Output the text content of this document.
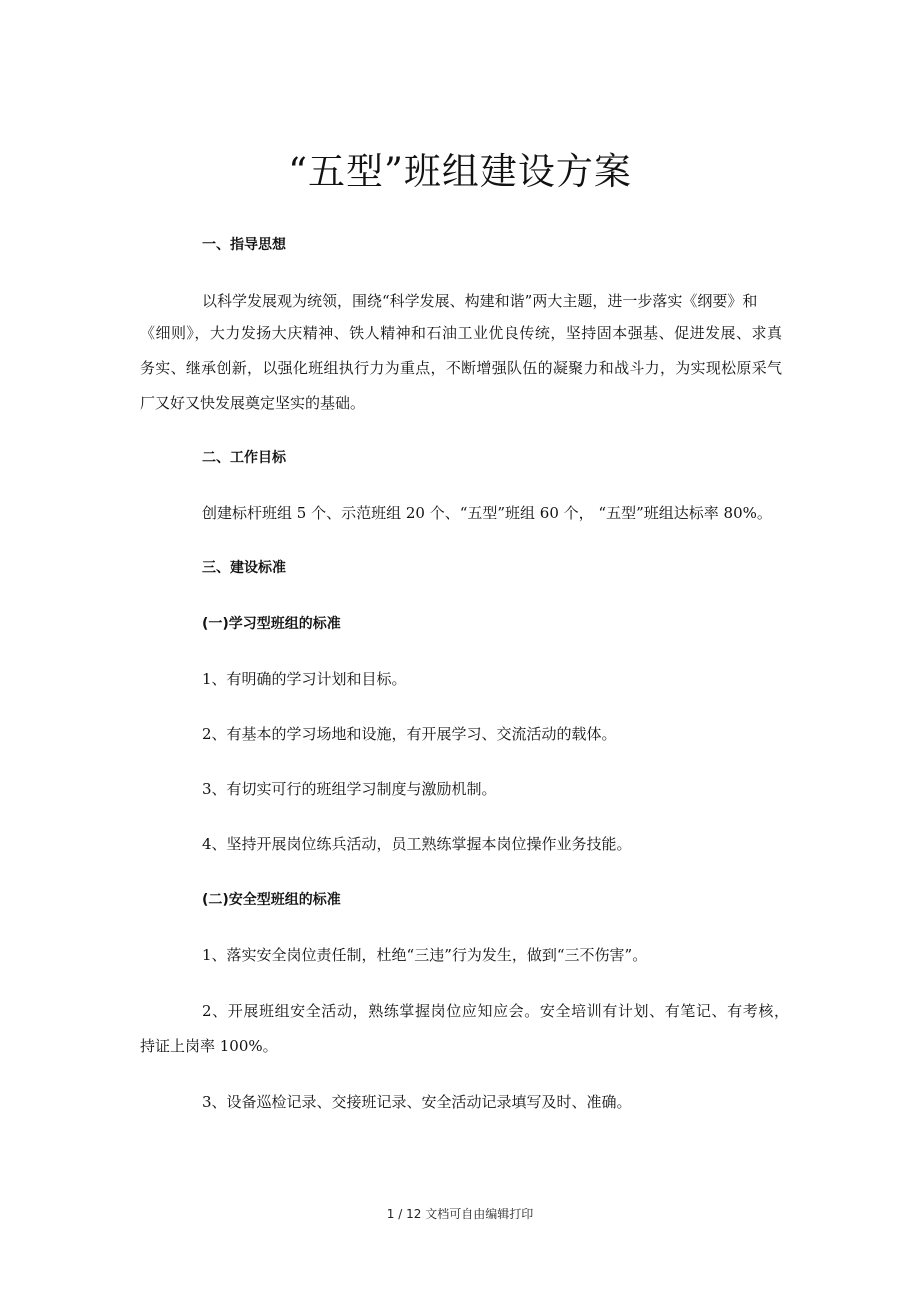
“五型”班组建设方案
一、指导思想
以科学发展观为统领，围绕“科学发展、构建和谐”两大主题，进一步落实《纲要》和
《细则》，大力发扬大庆精神、铁人精神和石油工业优良传统，坚持固本强基、促进发展、求真
务实、继承创新，以强化班组执行力为重点，不断增强队伍的凝聚力和战斗力，为实现松原采气
厂又好又快发展奠定坚实的基础。
二、工作目标
创建标杆班组 5 个、示范班组 20 个、“五型”班组 60 个， “五型”班组达标率 80%。
三、建设标准
(一)学习型班组的标准
1、有明确的学习计划和目标。
2、有基本的学习场地和设施，有开展学习、交流活动的载体。
3、有切实可行的班组学习制度与激励机制。
4、坚持开展岗位练兵活动，员工熟练掌握本岗位操作业务技能。
(二)安全型班组的标准
1、落实安全岗位责任制，杜绝“三违”行为发生，做到“三不伤害”。
2、开展班组安全活动，熟练掌握岗位应知应会。安全培训有计划、有笔记、有考核，
持证上岗率 100%。
3、设备巡检记录、交接班记录、安全活动记录填写及时、准确。
1 / 12 文档可自由编辑打印
